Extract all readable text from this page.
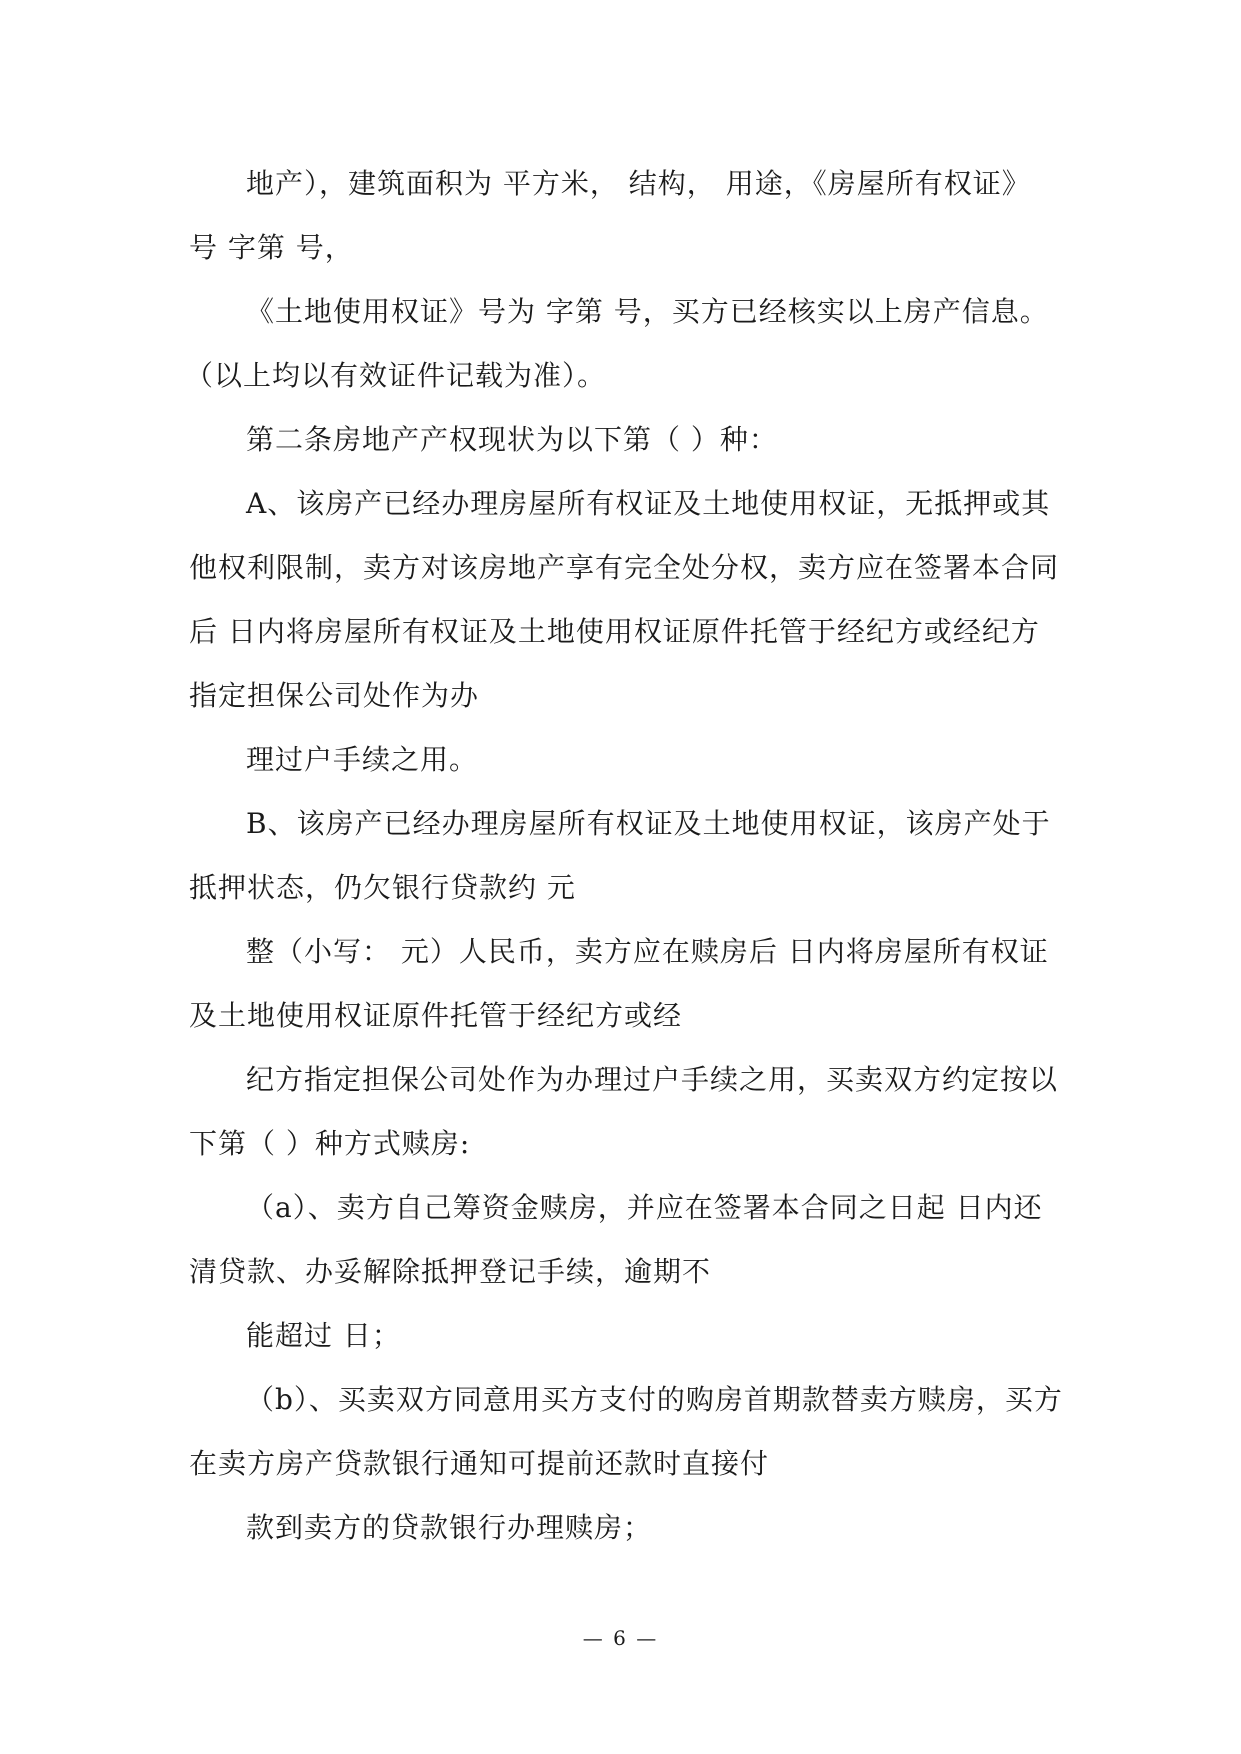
地产），建筑面积为 平方米， 结构， 用途，《房屋所有权证》
号 字第 号，
《土地使用权证》号为 字第 号，买方已经核实以上房产信息。
（以上均以有效证件记载为准）。
第二条房地产产权现状为以下第（ ）种：
A、该房产已经办理房屋所有权证及土地使用权证，无抵押或其
他权利限制，卖方对该房地产享有完全处分权，卖方应在签署本合同
后 日内将房屋所有权证及土地使用权证原件托管于经纪方或经纪方
指定担保公司处作为办
理过户手续之用。
B、该房产已经办理房屋所有权证及土地使用权证，该房产处于
抵押状态，仍欠银行贷款约 元
整（小写： 元）人民币，卖方应在赎房后 日内将房屋所有权证
及土地使用权证原件托管于经纪方或经
纪方指定担保公司处作为办理过户手续之用，买卖双方约定按以
下第（ ）种方式赎房:
（a）、卖方自己筹资金赎房，并应在签署本合同之日起 日内还
清贷款、办妥解除抵押登记手续，逾期不
能超过 日；
（b）、买卖双方同意用买方支付的购房首期款替卖方赎房，买方
在卖方房产贷款银行通知可提前还款时直接付
款到卖方的贷款银行办理赎房；
— 6 —
